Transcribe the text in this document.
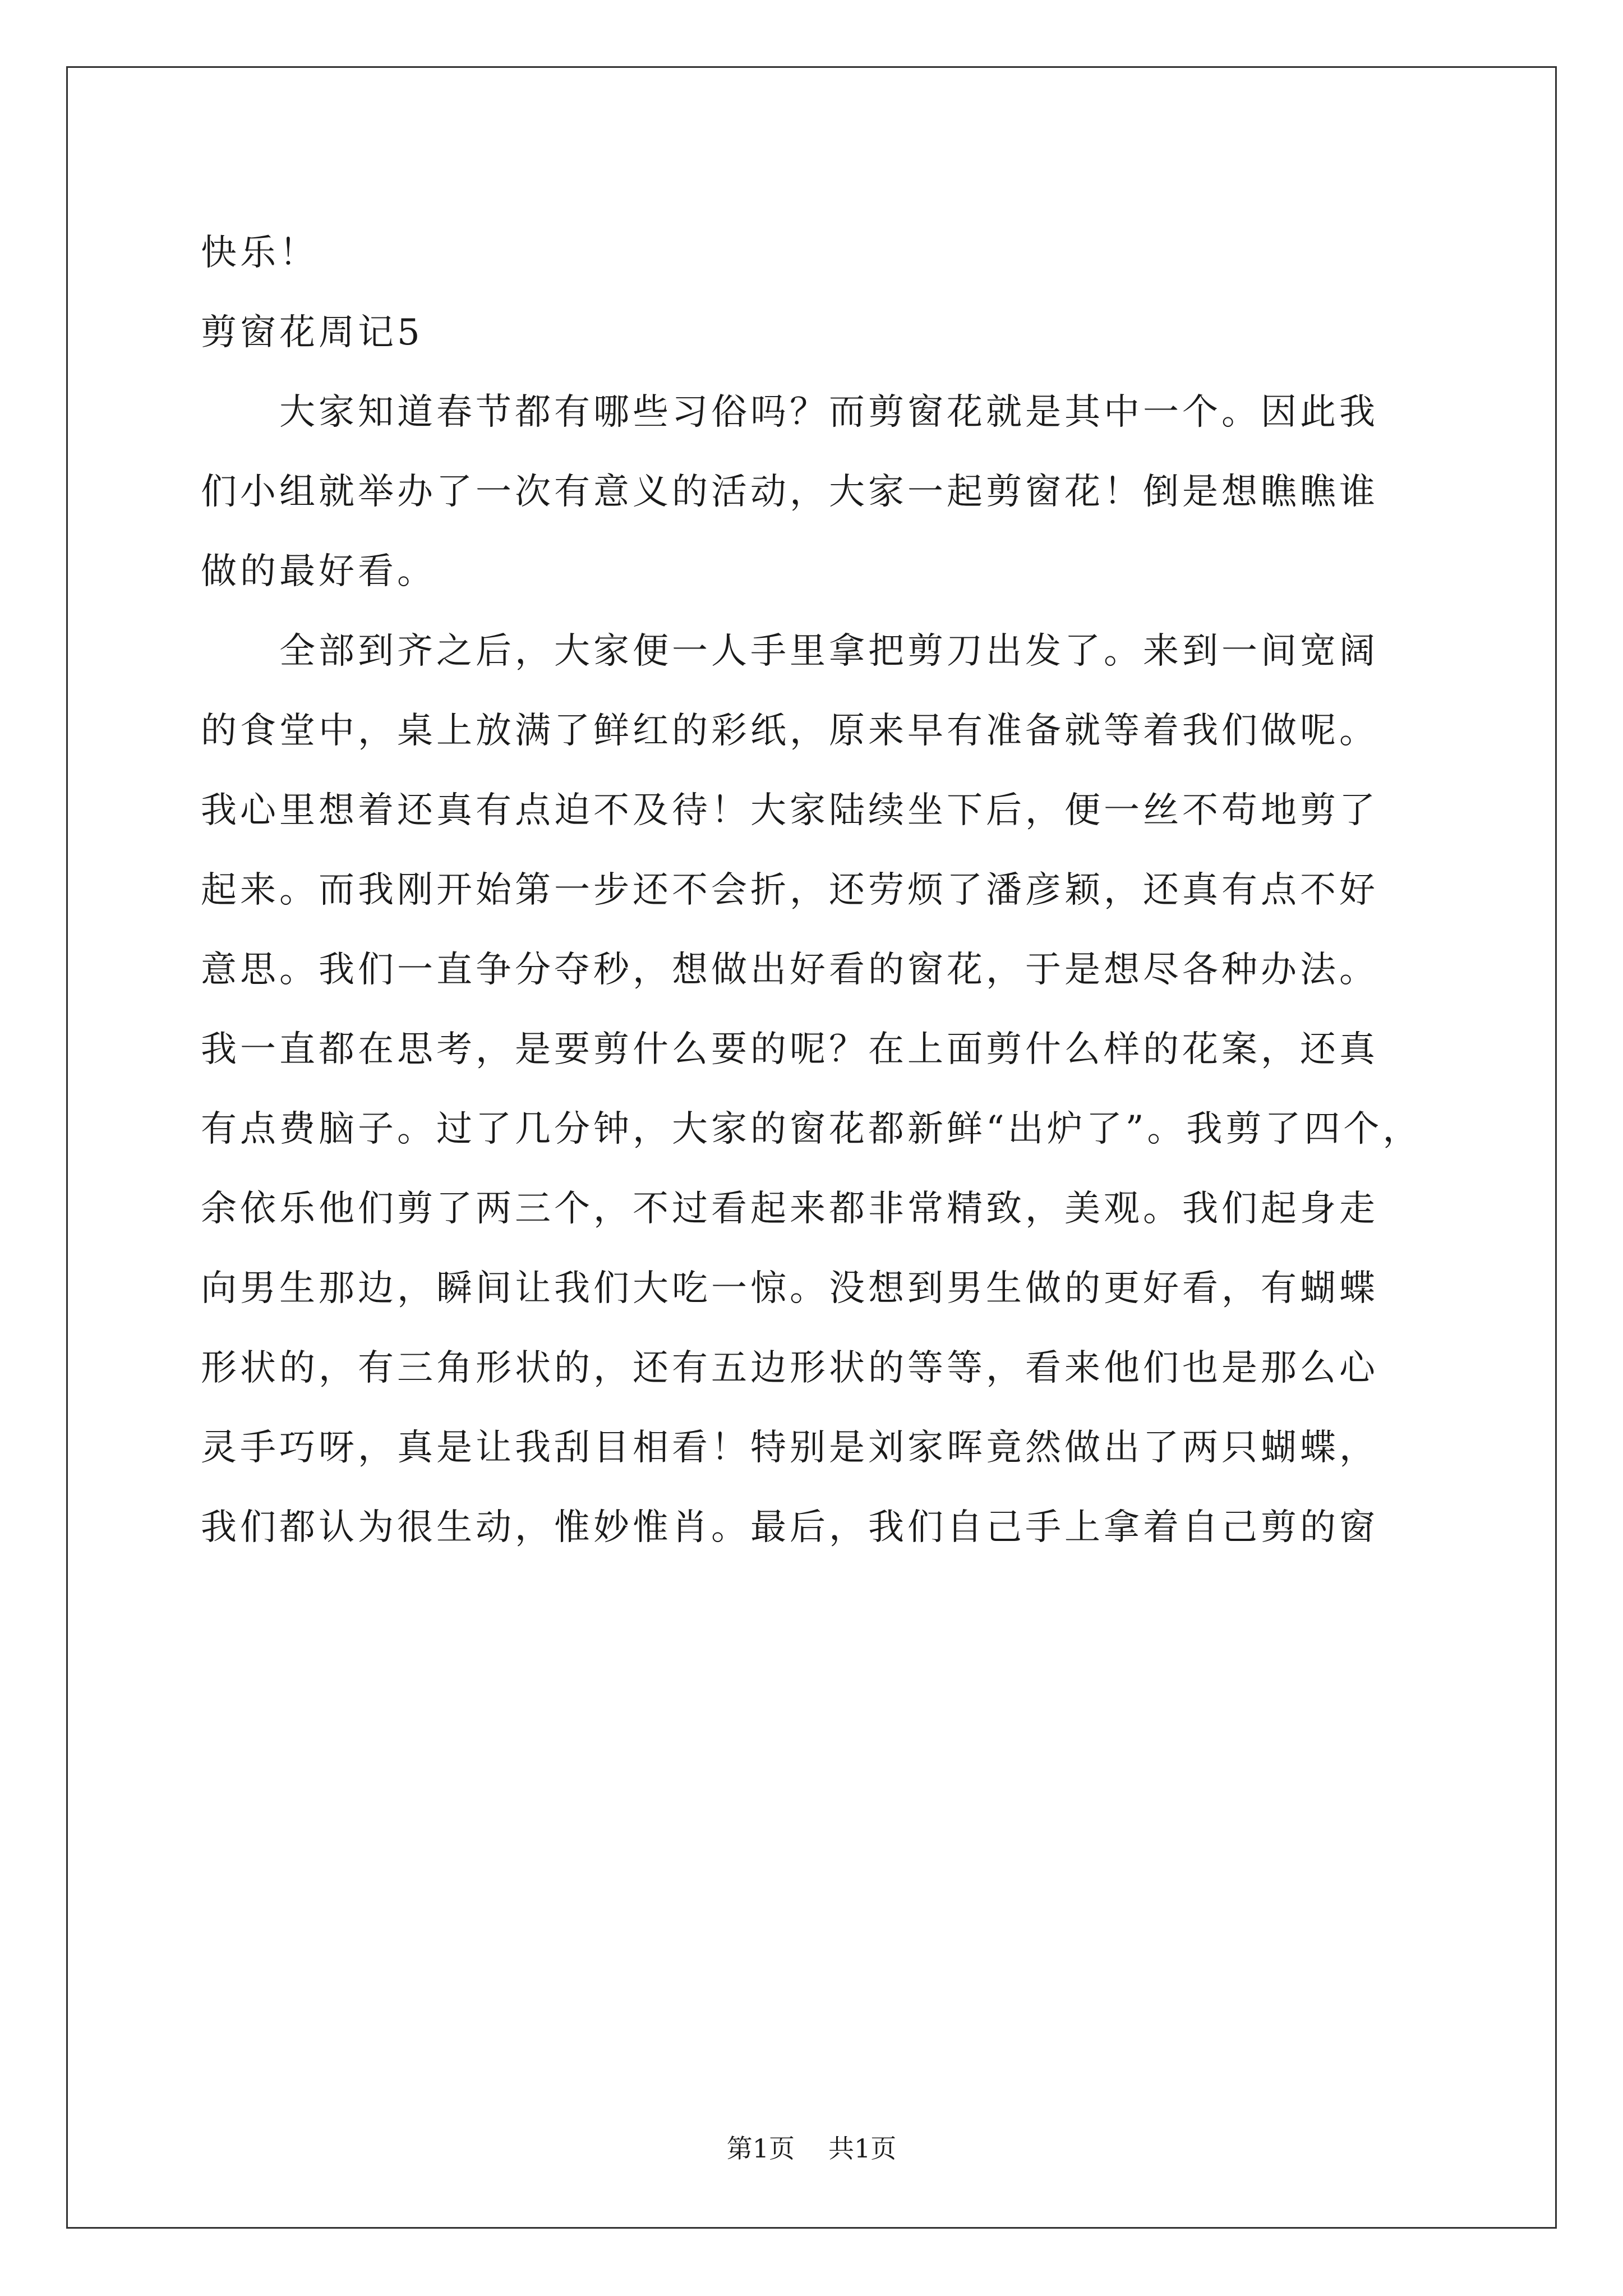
快乐！
剪窗花周记5
大家知道春节都有哪些习俗吗？而剪窗花就是其中一个。因此我
们小组就举办了一次有意义的活动，大家一起剪窗花！倒是想瞧瞧谁
做的最好看。
全部到齐之后，大家便一人手里拿把剪刀出发了。来到一间宽阔
的食堂中，桌上放满了鲜红的彩纸，原来早有准备就等着我们做呢。
我心里想着还真有点迫不及待！大家陆续坐下后，便一丝不苟地剪了
起来。而我刚开始第一步还不会折，还劳烦了潘彦颖，还真有点不好
意思。我们一直争分夺秒，想做出好看的窗花，于是想尽各种办法。
我一直都在思考，是要剪什么要的呢？在上面剪什么样的花案，还真
有点费脑子。过了几分钟，大家的窗花都新鲜“出炉了”。我剪了四个，
余依乐他们剪了两三个，不过看起来都非常精致，美观。我们起身走
向男生那边，瞬间让我们大吃一惊。没想到男生做的更好看，有蝴蝶
形状的，有三角形状的，还有五边形状的等等，看来他们也是那么心
灵手巧呀，真是让我刮目相看！特别是刘家晖竟然做出了两只蝴蝶，
我们都认为很生动，惟妙惟肖。最后，我们自己手上拿着自己剪的窗
第1页 共1页
